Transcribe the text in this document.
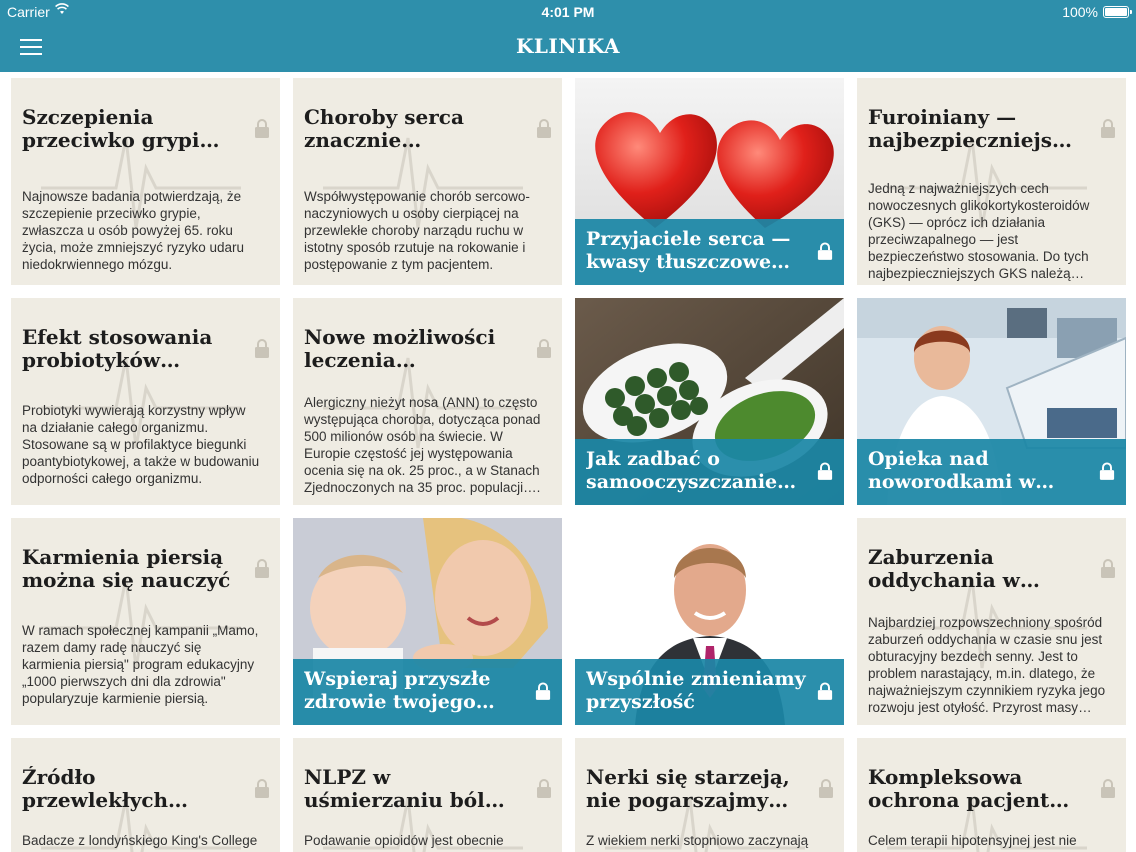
Carrier	4:01 PM	100%
KLINIKA
Szczepienia przeciwko grypie
Najnowsze badania potwierdzają, że szczepienie przeciwko grypie, zwłaszcza u osób powyżej 65. roku życia, może zmniejszyć ryzyko udaru niedokrwiennego mózgu.
Choroby serca znacznie
Współwystępowanie chorób sercowo-naczyniowych u osoby cierpiącej na przewlekłe choroby narządu ruchu w istotny sposób rzutuje na rokowanie i postępowanie z tym pacjentem.
Przyjaciele serca — kwasy tłuszczowe
Furoiniany — najbezpieczniejsze
Jedną z najważniejszych cech nowoczesnych glikokortykosteroidów (GKS) — oprócz ich działania przeciwzapalnego — jest bezpieczeństwo stosowania. Do tych najbezpieczniejszych GKS należą…
Efekt stosowania probiotyków
Probiotyki wywierają korzystny wpływ na działanie całego organizmu. Stosowane są w profilaktyce biegunki poantybiotykowej, a także w budowaniu odporności całego organizmu.
Nowe możliwości leczenia
Alergiczny nieżyt nosa (ANN) to często występująca choroba, dotycząca ponad 500 milionów osób na świecie. W Europie częstość jej występowania ocenia się na ok. 25 proc., a w Stanach Zjednoczonych na 35 proc. populacji….
Jak zadbać o samooczyszczanie
Opieka nad noworodkami w
Karmienia piersią można się nauczyć
W ramach społecznej kampanii „Mamo, razem damy radę nauczyć się karmienia piersią" program edukacyjny „1000 pierwszych dni dla zdrowia" popularyzuje karmienie piersią.
Wspieraj przyszłe zdrowie twojego
Wspólnie zmieniamy przyszłość
Zaburzenia oddychania w
Najbardziej rozpowszechniony spośród zaburzeń oddychania w czasie snu jest obturacyjny bezdech senny. Jest to problem narastający, m.in. dlatego, że najważniejszym czynnikiem ryzyka jego rozwoju jest otyłość. Przyrost masy
Źródło przewlekłych
Badacze z londyńskiego King's College
NLPZ w uśmierzaniu bólu
Podawanie opioidów jest obecnie
Nerki się starzeją, nie pogarszajmy
Z wiekiem nerki stopniowo zaczynają
Kompleksowa ochrona pacjenta
Celem terapii hipotensyjnej jest nie
